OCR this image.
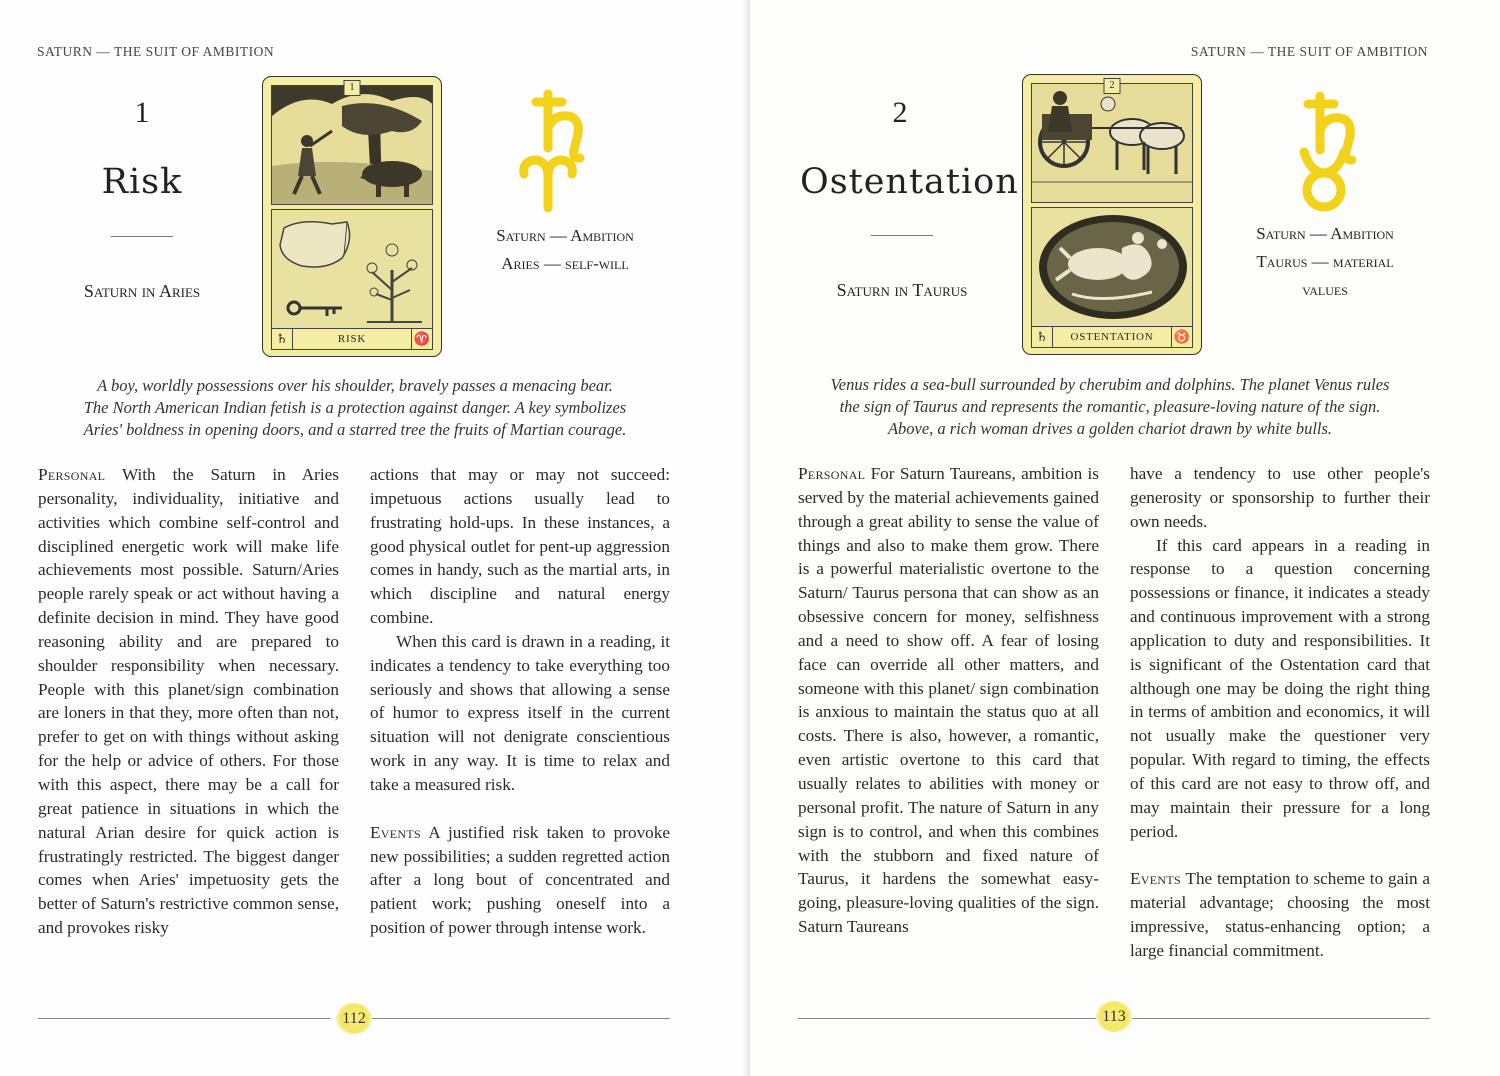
SATURN — THE SUIT OF AMBITION
1
Risk
Saturn in Aries
1
♄	RISK	♈
Saturn — Ambition
Aries — self-will
A boy, worldly possessions over his shoulder, bravely passes a menacing bear.
The North American Indian fetish is a protection against danger. A key symbolizes
Aries' boldness in opening doors, and a starred tree the fruits of Martian courage.

Personal With the Saturn in Aries personality, individuality, initiative and activities which combine self-control and disciplined energetic work will make life achievements most possible. Saturn/Aries people rarely speak or act without having a definite decision in mind. They have good reasoning ability and are prepared to shoulder responsibility when necessary. People with this planet/sign combination are loners in that they, more often than not, prefer to get on with things without asking for the help or advice of others. For those with this aspect, there may be a call for great patience in situations in which the natural Arian desire for quick action is frustratingly restricted. The biggest danger comes when Aries' impetuosity gets the better of Saturn's restrictive common sense, and provokes risky

actions that may or may not succeed: impetuous actions usually lead to frustrating hold-ups. In these instances, a good physical outlet for pent-up aggression comes in handy, such as the martial arts, in which discipline and natural energy combine.

When this card is drawn in a reading, it indicates a tendency to take everything too seriously and shows that allowing a sense of humor to express itself in the current situation will not denigrate conscientious work in any way. It is time to relax and take a measured risk.

Events A justified risk taken to provoke new possibilities; a sudden regretted action after a long bout of concentrated and patient work; pushing oneself into a position of power through intense work.

112
SATURN — THE SUIT OF AMBITION
2
Ostentation
Saturn in Taurus
2
♄	OSTENTATION	♉
Saturn — Ambition
Taurus — material
values
Venus rides a sea-bull surrounded by cherubim and dolphins. The planet Venus rules
the sign of Taurus and represents the romantic, pleasure-loving nature of the sign.
Above, a rich woman drives a golden chariot drawn by white bulls.

Personal For Saturn Taureans, ambition is served by the material achievements gained through a great ability to sense the value of things and also to make them grow. There is a powerful materialistic overtone to the Saturn/ Taurus persona that can show as an obsessive concern for money, selfishness and a need to show off. A fear of losing face can override all other matters, and someone with this planet/ sign combination is anxious to maintain the status quo at all costs. There is also, however, a romantic, even artistic overtone to this card that usually relates to abilities with money or personal profit. The nature of Saturn in any sign is to control, and when this combines with the stubborn and fixed nature of Taurus, it hardens the somewhat easy-going, pleasure-loving qualities of the sign. Saturn Taureans

have a tendency to use other people's generosity or sponsorship to further their own needs.

If this card appears in a reading in response to a question concerning possessions or finance, it indicates a steady and continuous improvement with a strong application to duty and responsibilities. It is significant of the Ostentation card that although one may be doing the right thing in terms of ambition and economics, it will not usually make the questioner very popular. With regard to timing, the effects of this card are not easy to throw off, and may maintain their pressure for a long period.

Events The temptation to scheme to gain a material advantage; choosing the most impressive, status-enhancing option; a large financial commitment.

113
